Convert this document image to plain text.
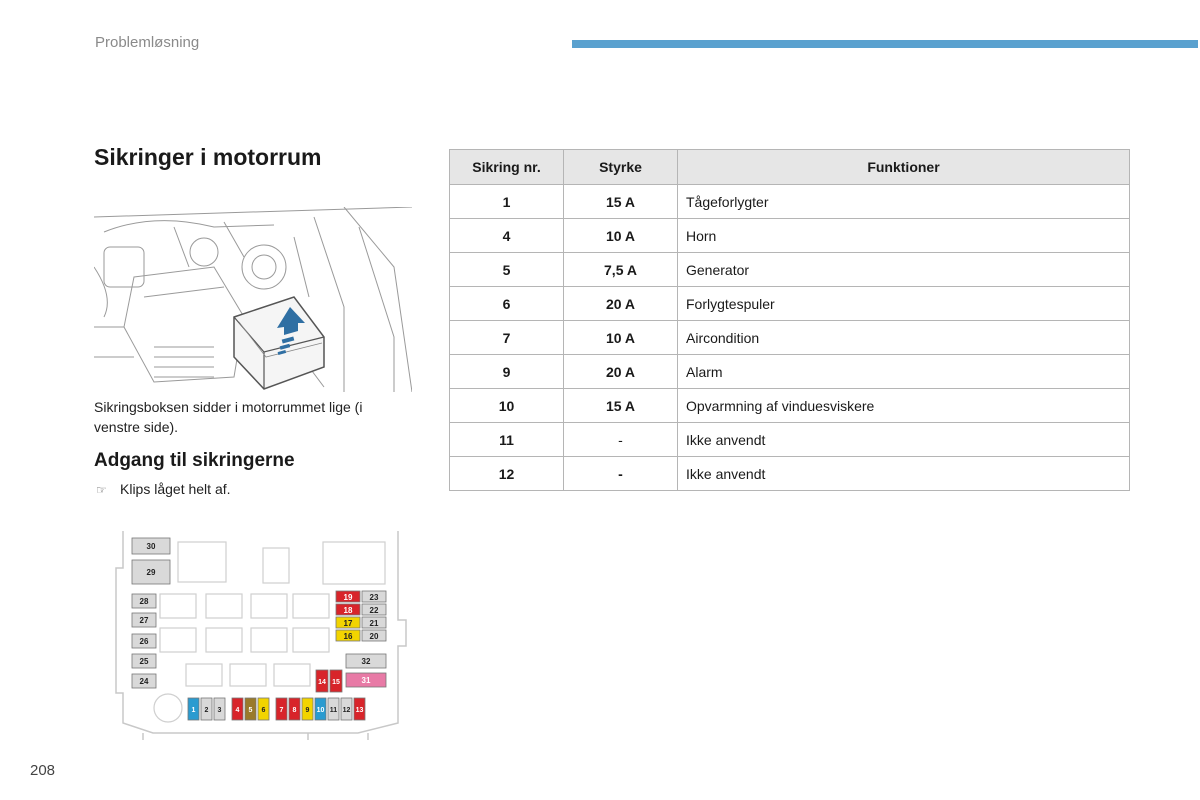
Problemløsning
Sikringer i motorrum
Sikringsboksen sidder i motorrummet lige (i venstre side).
Adgang til sikringerne
☞ Klips låget helt af.
30
29
28
27
26
25
24
19 23
18 22
17 21
16 20
32
14 15	31
1 2 3 4 5 6 7 8 9 10 11 12 13
Sikring nr.	Styrke	Funktioner
1	15 A	Tågeforlygter
4	10 A	Horn
5	7,5 A	Generator
6	20 A	Forlygtespuler
7	10 A	Aircondition
9	20 A	Alarm
10	15 A	Opvarmning af vinduesviskere
11	-	Ikke anvendt
12	-	Ikke anvendt
208
